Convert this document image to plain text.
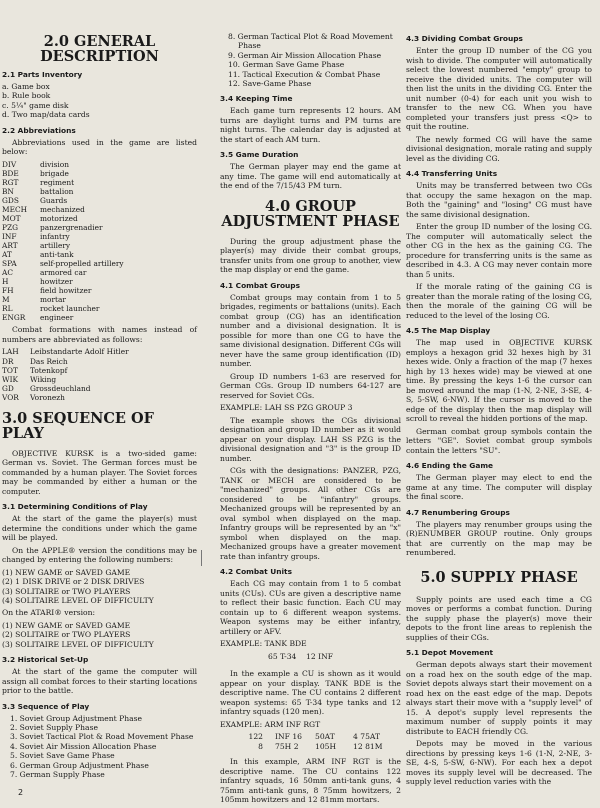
2.0 GENERAL DESCRIPTION
2.1 Parts Inventory
a. Game box
b. Rule book
c. 5¼" game disk
d. Two map/data cards
2.2 Abbreviations

Abbreviations used in the game are listed below:

DIV	division
BDE	brigade
RGT	regiment
BN	battalion
GDS	Guards
MECH	mechanized
MOT	motorized
PZG	panzergrenadier
INF	infantry
ART	artillery
AT	anti-tank
SPA	self-propelled artillery
AC	armored car
H	howitzer
FH	field howitzer
M	mortar
RL	rocket launcher
ENGR	engineer

Combat formations with names instead of numbers are abbreviated as follows:

LAH	Leibstandarte Adolf Hitler
DR	Das Reich
TOT	Totenkopf
WIK	Wiking
GD	Grossdeuchland
VOR	Voronezh
3.0 SEQUENCE OF PLAY

OBJECTIVE KURSK is a two-sided game: German vs. Soviet. The German forces must be commanded by a human player. The Soviet forces may be commanded by either a human or the computer.

3.1 Determining Conditions of Play

At the start of the game the player(s) must determine the conditions under which the game will be played.

On the APPLE® version the conditions may be changed by entering the following numbers:

(1) NEW GAME or SAVED GAME
(2) 1 DISK DRIVE or 2 DISK DRIVES
(3) SOLITAIRE or TWO PLAYERS
(4) SOLITAIRE LEVEL OF DIFFICULTY

On the ATARI® version:

(1) NEW GAME or SAVED GAME
(2) SOLITAIRE or TWO PLAYERS
(3) SOLITAIRE LEVEL OF DIFFICULTY
3.2 Historical Set-Up

At the start of the game the computer will assign all combat forces to their starting locations prior to the battle.

3.3 Sequence of Play
1. Soviet Group Adjustment Phase
2. Soviet Supply Phase
3. Soviet Tactical Plot & Road Movement Phase
4. Soviet Air Mission Allocation Phase
5. Soviet Save Game Phase
6. German Group Adjustment Phase
7. German Supply Phase
2
8. German Tactical Plot & Road Movement Phase
9. German Air Mission Allocation Phase
10. German Save Game Phase
11. Tactical Execution & Combat Phase
12. Save-Game Phase
3.4 Keeping Time

Each game turn represents 12 hours. AM turns are daylight turns and PM turns are night turns. The calendar day is adjusted at the start of each AM turn.

3.5 Game Duration

The German player may end the game at any time. The game will end automatically at the end of the 7/15/43 PM turn.

4.0 GROUP ADJUSTMENT PHASE

During the group adjustment phase the player(s) may divide their combat groups, transfer units from one group to another, view the map display or end the game.

4.1 Combat Groups

Combat groups may contain from 1 to 5 brigades, regiments or battalions (units). Each combat group (CG) has an identification number and a divisional designation. It is possible for more than one CG to have the same divisional designation. Different CGs will never have the same group identification (ID) number.

Group ID numbers 1-63 are reserved for German CGs. Group ID numbers 64-127 are reserved for Soviet CGs.

EXAMPLE: LAH SS PZG GROUP 3

The example shows the CGs divisional designation and group ID number as it would appear on your display. LAH SS PZG is the divisional designation and "3" is the group ID number.

CGs with the designations: PANZER, PZG, TANK or MECH are considered to be "mechanized" groups. All other CGs are considered to be "infantry" groups. Mechanized groups will be represented by an oval symbol when displayed on the map. Infantry groups will be represented by an "x" symbol when displayed on the map. Mechanized groups have a greater movement rate than infantry groups.

4.2 Combat Units

Each CG may contain from 1 to 5 combat units (CUs). CUs are given a descriptive name to reflect their basic function. Each CU may contain up to 6 different weapon systems. Weapon systems may be either infantry, artillery or AFV.

EXAMPLE: TANK BDE

65 T-34    12 INF

In the example a CU is shown as it would appear on your display. TANK BDE is the descriptive name. The CU contains 2 different weapon systems: 65 T-34 type tanks and 12 infantry squads (120 men).

EXAMPLE: ARM INF RGT

122	INF 16	50AT	4 75AT
8	75H 2	105H	12 81M

In this example, ARM INF RGT is the descriptive name. The CU contains 122 infantry squads, 16 50mm anti-tank guns, 4 75mm anti-tank guns, 8 75mm howitzers, 2 105mm howitzers and 12 81mm mortars.

4.3 Dividing Combat Groups

Enter the group ID number of the CG you wish to divide. The computer will automatically select the lowest numbered "empty" group to receive the divided units. The computer will then list the units in the dividing CG. Enter the unit number (0-4) for each unit you wish to transfer to the new CG. When you have completed your transfers just press <Q> to quit the routine.

The newly formed CG will have the same divisional designation, morale rating and supply level as the dividing CG.

4.4 Transferring Units

Units may be transferred between two CGs that occupy the same hexagon on the map. Both the "gaining" and "losing" CG must have the same divisional designation.

Enter the group ID number of the losing CG. The computer will automatically select the other CG in the hex as the gaining CG. The procedure for transferring units is the same as described in 4.3. A CG may never contain more than 5 units.

If the morale rating of the gaining CG is greater than the morale rating of the losing CG, then the morale of the gaining CG will be reduced to the level of the losing CG.

4.5 The Map Display

The map used in OBJECTIVE KURSK employs a hexagon grid 32 hexes high by 31 hexes wide. Only a fraction of the map (7 hexes high by 13 hexes wide) may be viewed at one time. By pressing the keys 1-6 the cursor can be moved around the map (1-N, 2-NE, 3-SE, 4-S, 5-SW, 6-NW). If the cursor is moved to the edge of the display then the map display will scroll to reveal the hidden portions of the map.

German combat group symbols contain the letters "GE". Soviet combat group symbols contain the letters "SU".

4.6 Ending the Game

The German player may elect to end the game at any time. The computer will display the final score.

4.7 Renumbering Groups

The players may renumber groups using the (R)ENUMBER GROUP routine. Only groups that are currently on the map may be renumbered.

5.0 SUPPLY PHASE

Supply points are used each time a CG moves or performs a combat function. During the supply phase the player(s) move their depots to the front line areas to replenish the supplies of their CGs.

5.1 Depot Movement

German depots always start their movement on a road hex on the south edge of the map. Soviet depots always start their movement on a road hex on the east edge of the map. Depots always start their move with a "supply level" of 15. A depot's supply level represents the maximum number of supply points it may distribute to EACH friendly CG.

Depots may be moved in the various directions by pressing keys 1-6 (1-N, 2-NE, 3-SE, 4-S, 5-SW, 6-NW). For each hex a depot moves its supply level will be decreased. The supply level reduction varies with the
